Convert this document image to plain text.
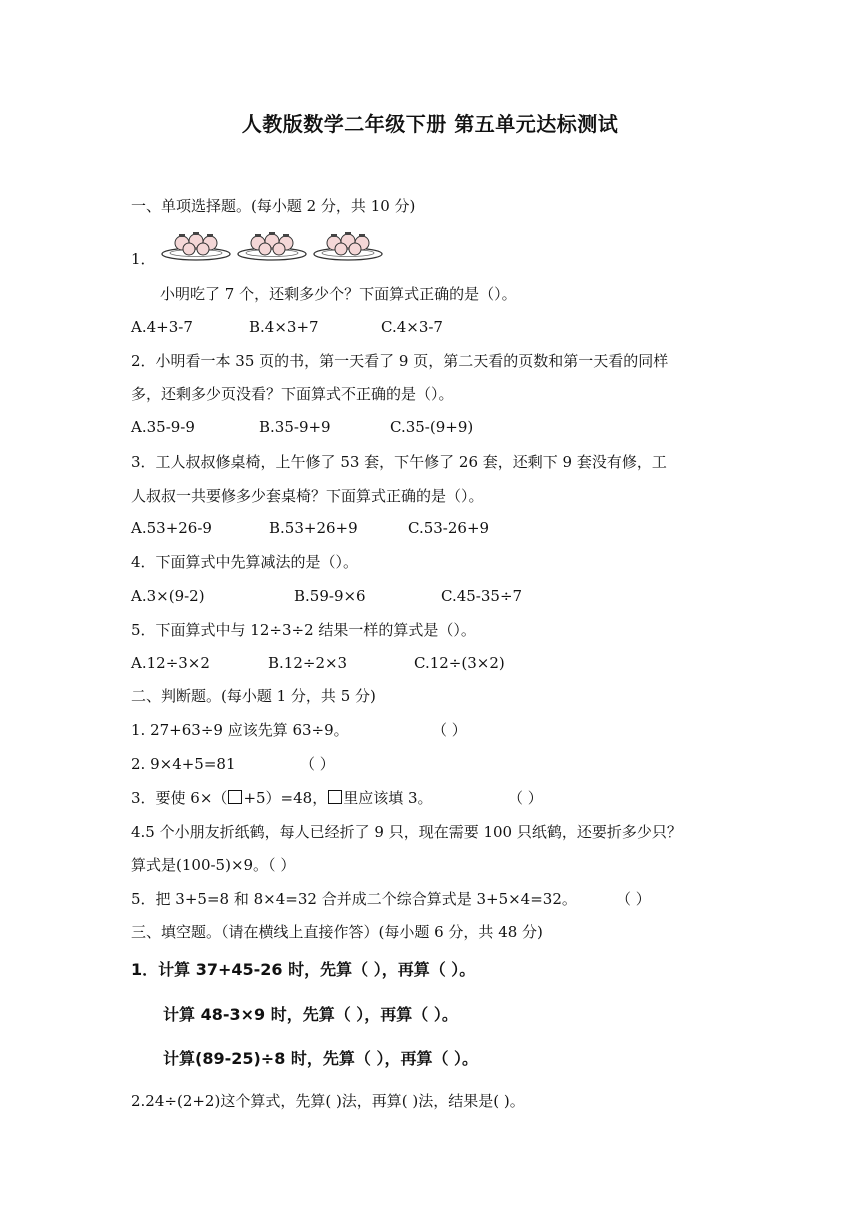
人教版数学二年级下册 第五单元达标测试
一、单项选择题。(每小题 2 分，共 10 分)
1．
小明吃了 7 个，还剩多少个？下面算式正确的是（）。
A.4+3-7	B.4×3+7	C.4×3-7
2．小明看一本 35 页的书，第一天看了 9 页，第二天看的页数和第一天看的同样
多，还剩多少页没看？下面算式不正确的是（）。
A.35-9-9	B.35-9+9	C.35-(9+9)
3．工人叔叔修桌椅，上午修了 53 套，下午修了 26 套，还剩下 9 套没有修，工
人叔叔一共要修多少套桌椅？下面算式正确的是（）。
A.53+26-9	B.53+26+9	C.53-26+9
4．下面算式中先算减法的是（）。
A.3×(9-2)	B.59-9×6	C.45-35÷7
5．下面算式中与 12÷3÷2 结果一样的算式是（）。
A.12÷3×2	B.12÷2×3	C.12÷(3×2)
二、判断题。(每小题 1 分，共 5 分)
1. 27+63÷9 应该先算 63÷9。	（ ）
2. 9×4+5=81	（ ）
3．要使 6×（ +5）=48， 里应该填 3。	（ ）
4.5 个小朋友折纸鹤，每人已经折了 9 只，现在需要 100 只纸鹤，还要折多少只？
算式是(100-5)×9。（ ）
5．把 3+5=8 和 8×4=32 合并成二个综合算式是 3+5×4=32。	（ ）
三、填空题。（请在横线上直接作答）(每小题 6 分，共 48 分)
1．计算 37+45-26 时，先算（ ），再算（ ）。
计算 48-3×9 时，先算（ ），再算（ ）。
计算(89-25)÷8 时，先算（ ），再算（ ）。
2.24÷(2+2)这个算式，先算( )法，再算( )法，结果是( )。
